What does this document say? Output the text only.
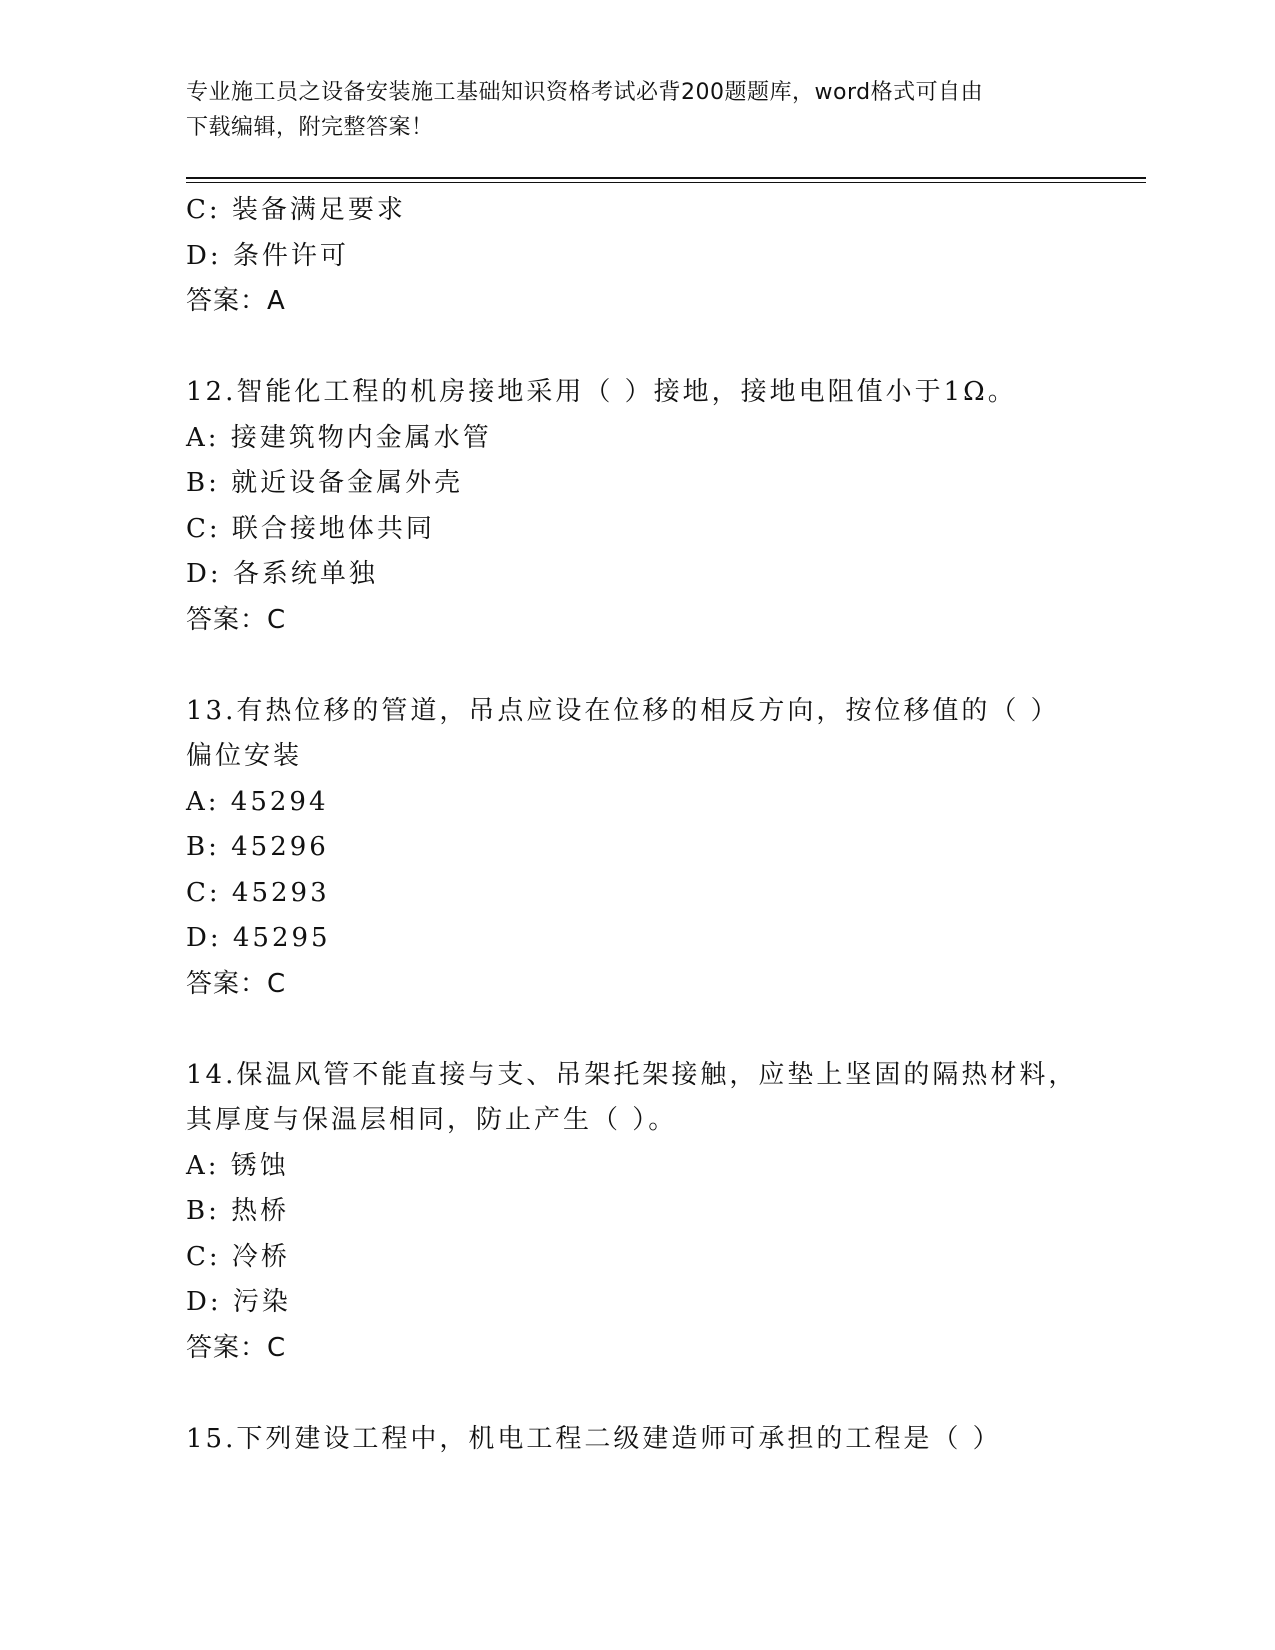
专业施工员之设备安装施工基础知识资格考试必背200题题库，word格式可自由
下载编辑，附完整答案！
C: 装备满足要求
D: 条件许可
答案：A
12.智能化工程的机房接地采用（ ）接地，接地电阻值小于1Ω。
A: 接建筑物内金属水管
B: 就近设备金属外壳
C: 联合接地体共同
D: 各系统单独
答案：C
13.有热位移的管道，吊点应设在位移的相反方向，按位移值的（ ）
偏位安装
A: 45294
B: 45296
C: 45293
D: 45295
答案：C
14.保温风管不能直接与支、吊架托架接触，应垫上坚固的隔热材料，
其厚度与保温层相同，防止产生（ ）。
A: 锈蚀
B: 热桥
C: 冷桥
D: 污染
答案：C
15.下列建设工程中，机电工程二级建造师可承担的工程是（ ）
